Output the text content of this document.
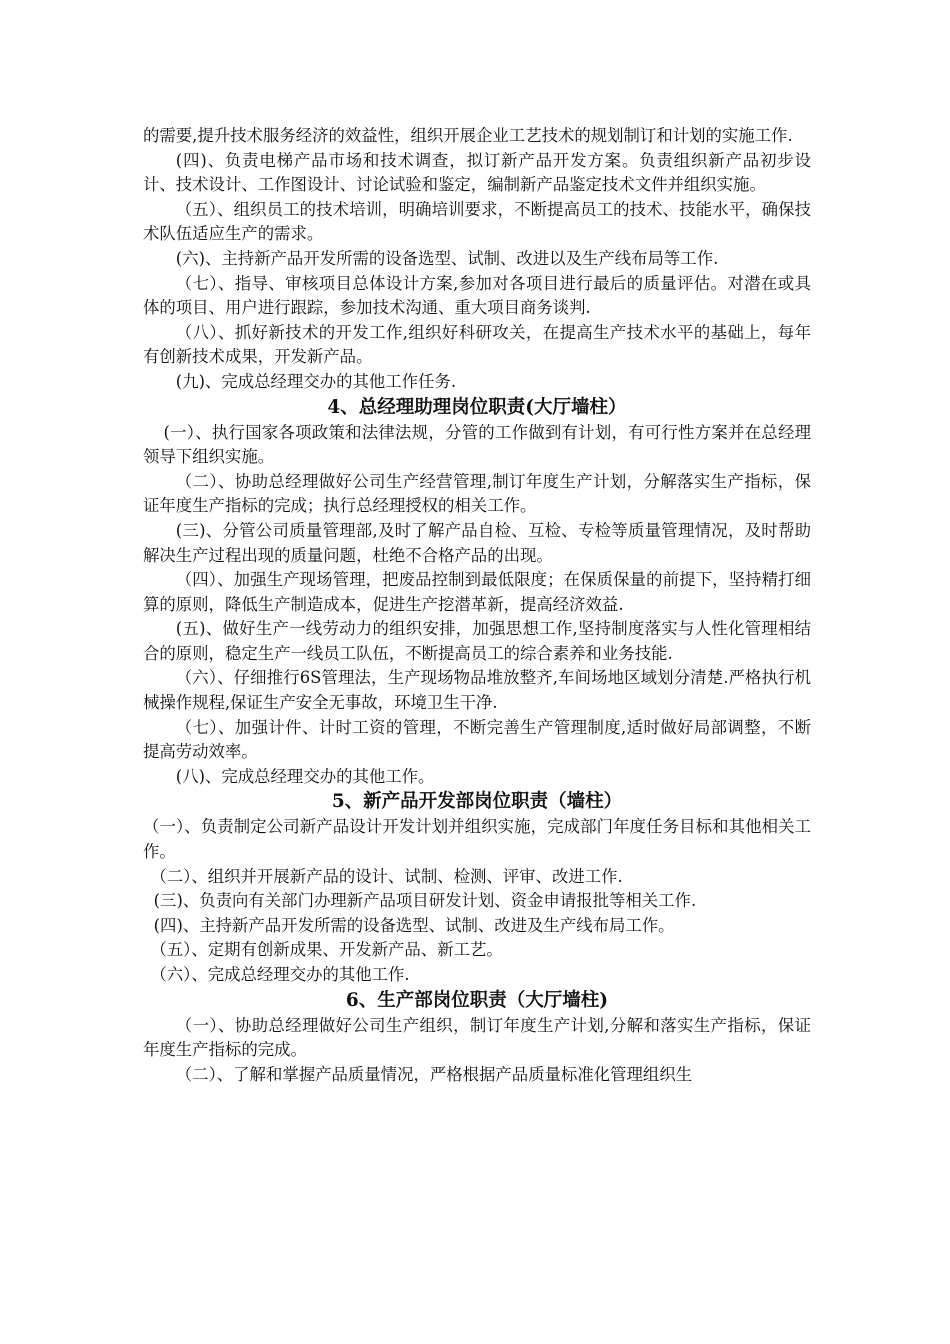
的需要,提升技术服务经济的效益性，组织开展企业工艺技术的规划制订和计划的实施工作.

(四)、负责电梯产品市场和技术调查，拟订新产品开发方案。负责组织新产品初步设计、技术设计、工作图设计、讨论试验和鉴定，编制新产品鉴定技术文件并组织实施。

（五）、组织员工的技术培训，明确培训要求，不断提高员工的技术、技能水平，确保技术队伍适应生产的需求。

(六)、主持新产品开发所需的设备选型、试制、改进以及生产线布局等工作.

（七）、指导、审核项目总体设计方案,参加对各项目进行最后的质量评估。对潜在或具体的项目、用户进行跟踪，参加技术沟通、重大项目商务谈判.

（八）、抓好新技术的开发工作,组织好科研攻关，在提高生产技术水平的基础上，每年有创新技术成果，开发新产品。

(九)、完成总经理交办的其他工作任务.

4、总经理助理岗位职责(大厅墙柱）

(一）、执行国家各项政策和法律法规，分管的工作做到有计划，有可行性方案并在总经理领导下组织实施。

（二）、协助总经理做好公司生产经营管理,制订年度生产计划，分解落实生产指标，保证年度生产指标的完成；执行总经理授权的相关工作。

(三)、分管公司质量管理部,及时了解产品自检、互检、专检等质量管理情况，及时帮助解决生产过程出现的质量问题，杜绝不合格产品的出现。

（四）、加强生产现场管理，把废品控制到最低限度；在保质保量的前提下，坚持精打细算的原则，降低生产制造成本，促进生产挖潜革新，提高经济效益.

(五)、做好生产一线劳动力的组织安排，加强思想工作,坚持制度落实与人性化管理相结合的原则，稳定生产一线员工队伍，不断提高员工的综合素养和业务技能.

（六）、仔细推行6S管理法，生产现场物品堆放整齐,车间场地区域划分清楚.严格执行机械操作规程,保证生产安全无事故，环境卫生干净.

（七）、加强计件、计时工资的管理，不断完善生产管理制度,适时做好局部调整，不断提高劳动效率。

(八)、完成总经理交办的其他工作。

5、新产品开发部岗位职责（墙柱）

（一）、负责制定公司新产品设计开发计划并组织实施，完成部门年度任务目标和其他相关工作。

（二）、组织并开展新产品的设计、试制、检测、评审、改进工作.

(三)、负责向有关部门办理新产品项目研发计划、资金申请报批等相关工作.

(四)、主持新产品开发所需的设备选型、试制、改进及生产线布局工作。

（五）、定期有创新成果、开发新产品、新工艺。

（六）、完成总经理交办的其他工作.

6、生产部岗位职责（大厅墙柱)

（一）、协助总经理做好公司生产组织，制订年度生产计划,分解和落实生产指标，保证年度生产指标的完成。

（二）、了解和掌握产品质量情况，严格根据产品质量标准化管理组织生
